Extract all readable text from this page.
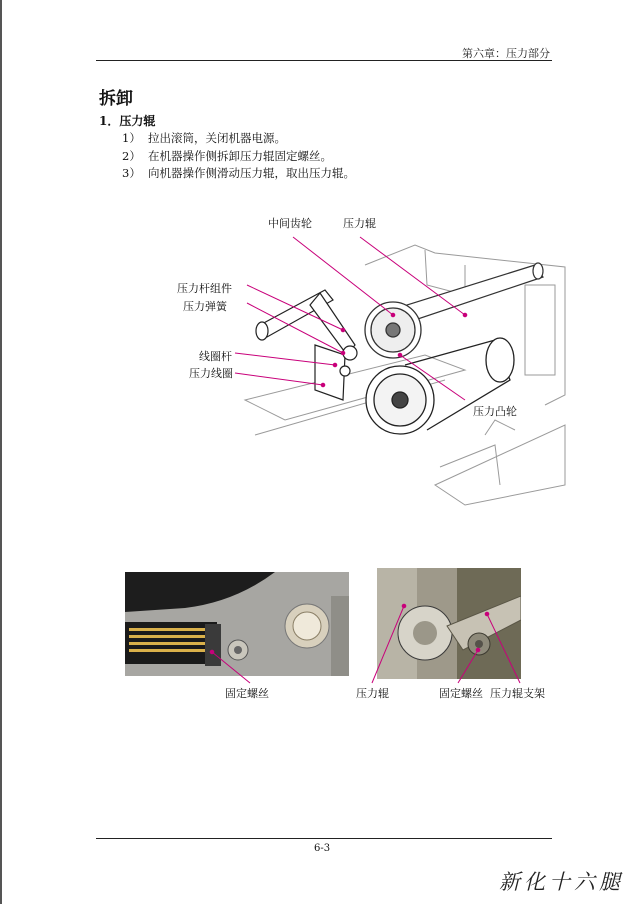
第六章：压力部分
拆卸
1．压力辊
1） 拉出滚筒，关闭机器电源。
2） 在机器操作侧拆卸压力辊固定螺丝。
3） 向机器操作侧滑动压力辊，取出压力辊。
中间齿轮	压力辊
压力杆组件
压力弹簧
线圈杆
压力线圈
压力凸轮
固定螺丝	压力辊	固定螺丝 压力辊支架
6-3
新化十六腿
